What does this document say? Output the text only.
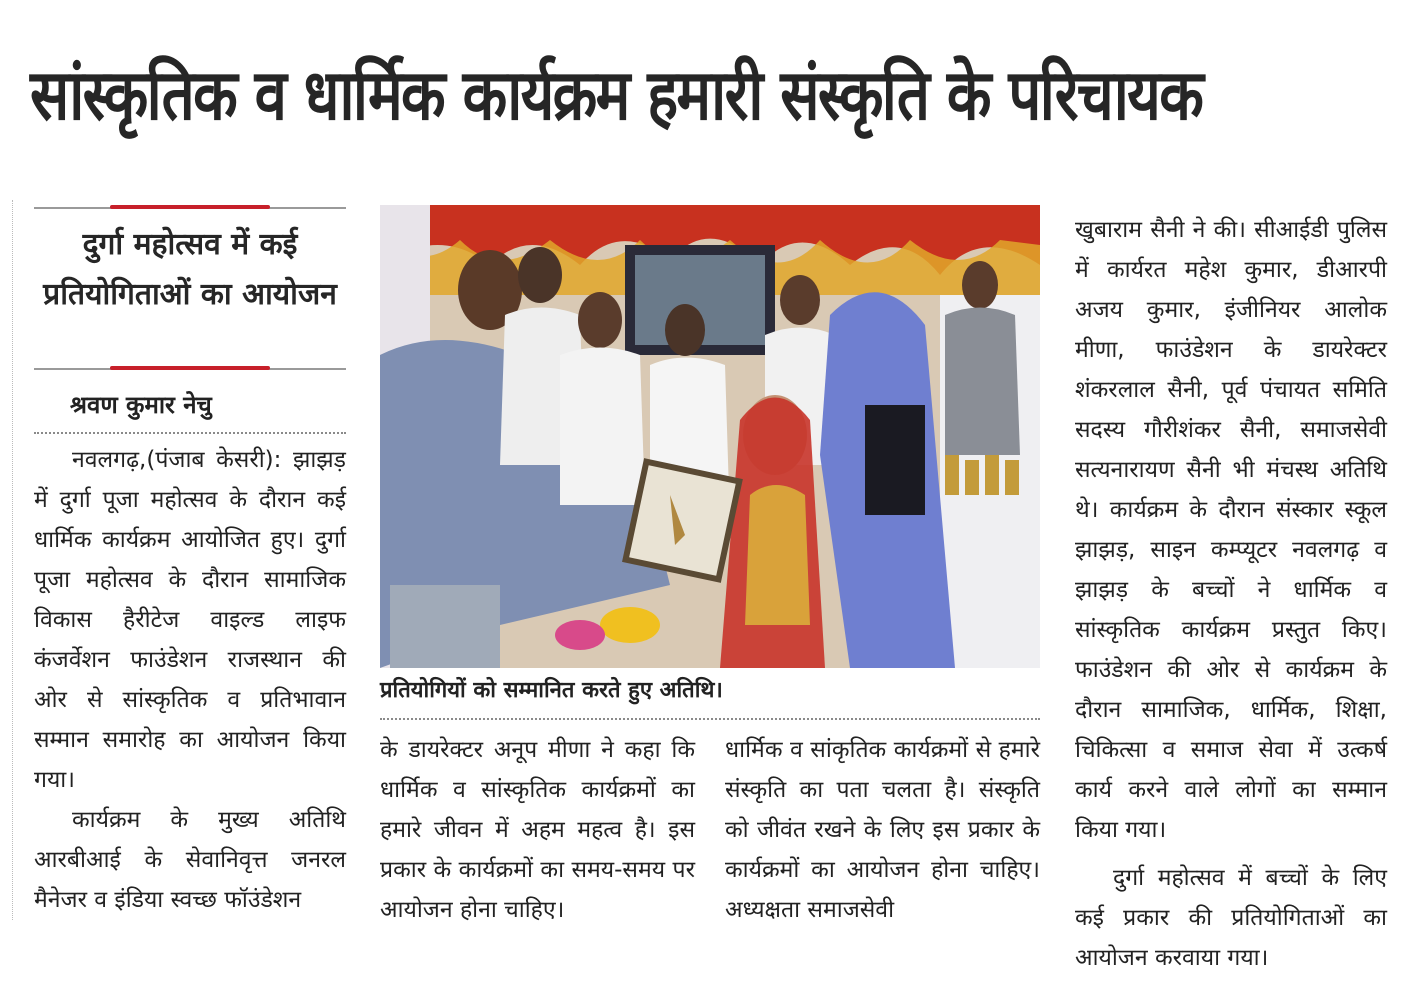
सांस्कृतिक व धार्मिक कार्यक्रम हमारी संस्कृति के परिचायक
दुर्गा महोत्सव में कई प्रतियोगिताओं का आयोजन
श्रवण कुमार नेचु

नवलगढ़,(पंजाब केसरी): झाझड़ में दुर्गा पूजा महोत्सव के दौरान कई धार्मिक कार्यक्रम आयोजित हुए। दुर्गा पूजा महोत्सव के दौरान सामाजिक विकास हैरीटेज वाइल्ड लाइफ कंजर्वेशन फाउंडेशन राजस्थान की ओर से सांस्कृतिक व प्रतिभावान सम्मान समारोह का आयोजन किया गया।

कार्यक्रम के मुख्य अतिथि आरबीआई के सेवानिवृत्त जनरल मैनेजर व इंडिया स्वच्छ फॉउंडेशन

प्रतियोगियों को सम्मानित करते हुए अतिथि।

के डायरेक्टर अनूप मीणा ने कहा कि धार्मिक व सांस्कृतिक कार्यक्रमों का हमारे जीवन में अहम महत्व है। इस प्रकार के कार्यक्रमों का समय-समय पर आयोजन होना चाहिए।

धार्मिक व सांकृतिक कार्यक्रमों से हमारे संस्कृति का पता चलता है। संस्कृति को जीवंत रखने के लिए इस प्रकार के कार्यक्रमों का आयोजन होना चाहिए। अध्यक्षता समाजसेवी

खुबाराम सैनी ने की। सीआईडी पुलिस में कार्यरत महेश कुमार, डीआरपी अजय कुमार, इंजीनियर आलोक मीणा, फाउंडेशन के डायरेक्टर शंकरलाल सैनी, पूर्व पंचायत समिति सदस्य गौरीशंकर सैनी, समाजसेवी सत्यनारायण सैनी भी मंचस्थ अतिथि थे। कार्यक्रम के दौरान संस्कार स्कूल झाझड़, साइन कम्प्यूटर नवलगढ़ व झाझड़ के बच्चों ने धार्मिक व सांस्कृतिक कार्यक्रम प्रस्तुत किए। फाउंडेशन की ओर से कार्यक्रम के दौरान सामाजिक, धार्मिक, शिक्षा, चिकित्सा व समाज सेवा में उत्कर्ष कार्य करने वाले लोगों का सम्मान किया गया।

दुर्गा महोत्सव में बच्चों के लिए कई प्रकार की प्रतियोगिताओं का आयोजन करवाया गया।
